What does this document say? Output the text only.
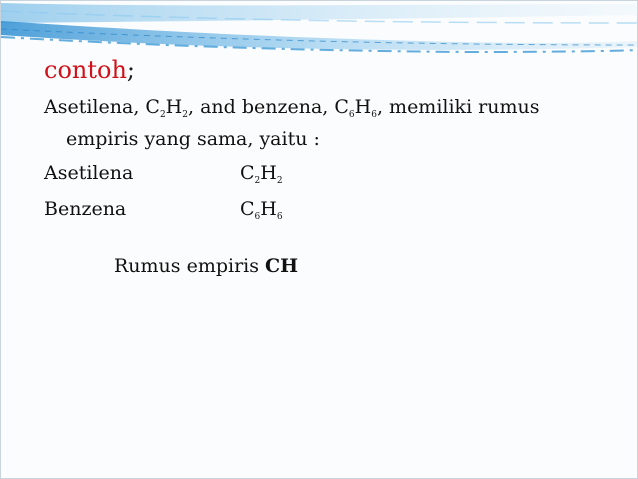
contoh;

Asetilena, $C_2H_2$, and benzena, $C_6H_6$, memiliki rumus
empiris yang sama, yaitu :

Asetilena	$C_2H_2$
Benzena	$C_6H_6$

Rumus empiris CH
